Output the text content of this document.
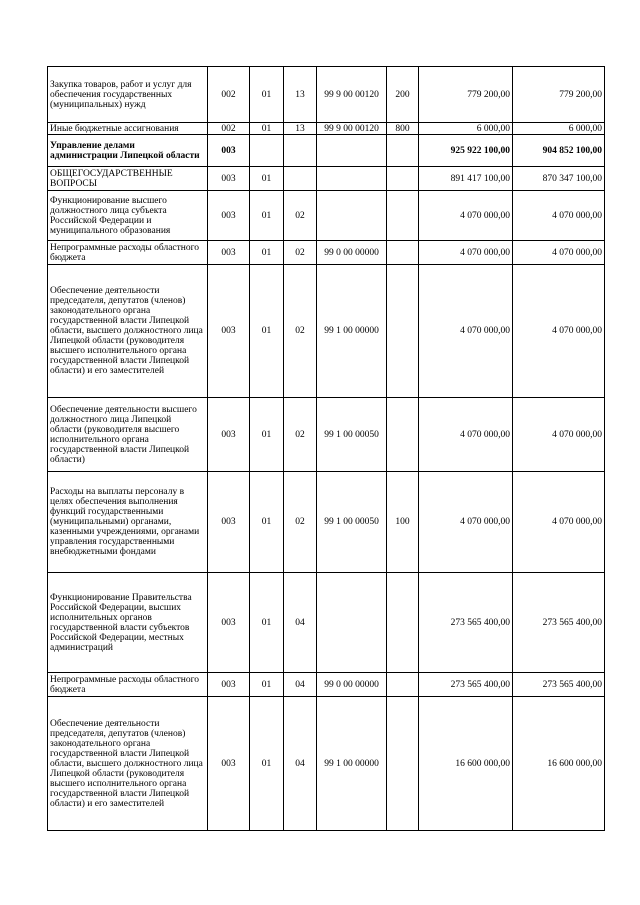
Закупка товаров, работ и услуг для обеспечения государственных (муниципальных) нужд	002	01	13	99 9 00 00120	200	779 200,00	779 200,00
Иные бюджетные ассигнования	002	01	13	99 9 00 00120	800	6 000,00	6 000,00
Управление делами администрации Липецкой области	003					925 922 100,00	904 852 100,00
ОБЩЕГОСУДАРСТВЕННЫЕ ВОПРОСЫ	003	01				891 417 100,00	870 347 100,00
Функционирование высшего должностного лица субъекта Российской Федерации и муниципального образования	003	01	02			4 070 000,00	4 070 000,00
Непрограммные расходы областного бюджета	003	01	02	99 0 00 00000		4 070 000,00	4 070 000,00
Обеспечение деятельности председателя, депутатов (членов) законодательного органа государственной власти Липецкой области, высшего должностного лица Липецкой области (руководителя высшего исполнительного органа государственной власти Липецкой области) и его заместителей	003	01	02	99 1 00 00000		4 070 000,00	4 070 000,00
Обеспечение деятельности высшего должностного лица Липецкой области (руководителя высшего исполнительного органа государственной власти Липецкой области)	003	01	02	99 1 00 00050		4 070 000,00	4 070 000,00
Расходы на выплаты персоналу в целях обеспечения выполнения функций государственными (муниципальными) органами, казенными учреждениями, органами управления государственными внебюджетными фондами	003	01	02	99 1 00 00050	100	4 070 000,00	4 070 000,00
Функционирование Правительства Российской Федерации, высших исполнительных органов государственной власти субъектов Российской Федерации, местных администраций	003	01	04			273 565 400,00	273 565 400,00
Непрограммные расходы областного бюджета	003	01	04	99 0 00 00000		273 565 400,00	273 565 400,00
Обеспечение деятельности председателя, депутатов (членов) законодательного органа государственной власти Липецкой области, высшего должностного лица Липецкой области (руководителя высшего исполнительного органа государственной власти Липецкой области) и его заместителей	003	01	04	99 1 00 00000		16 600 000,00	16 600 000,00
